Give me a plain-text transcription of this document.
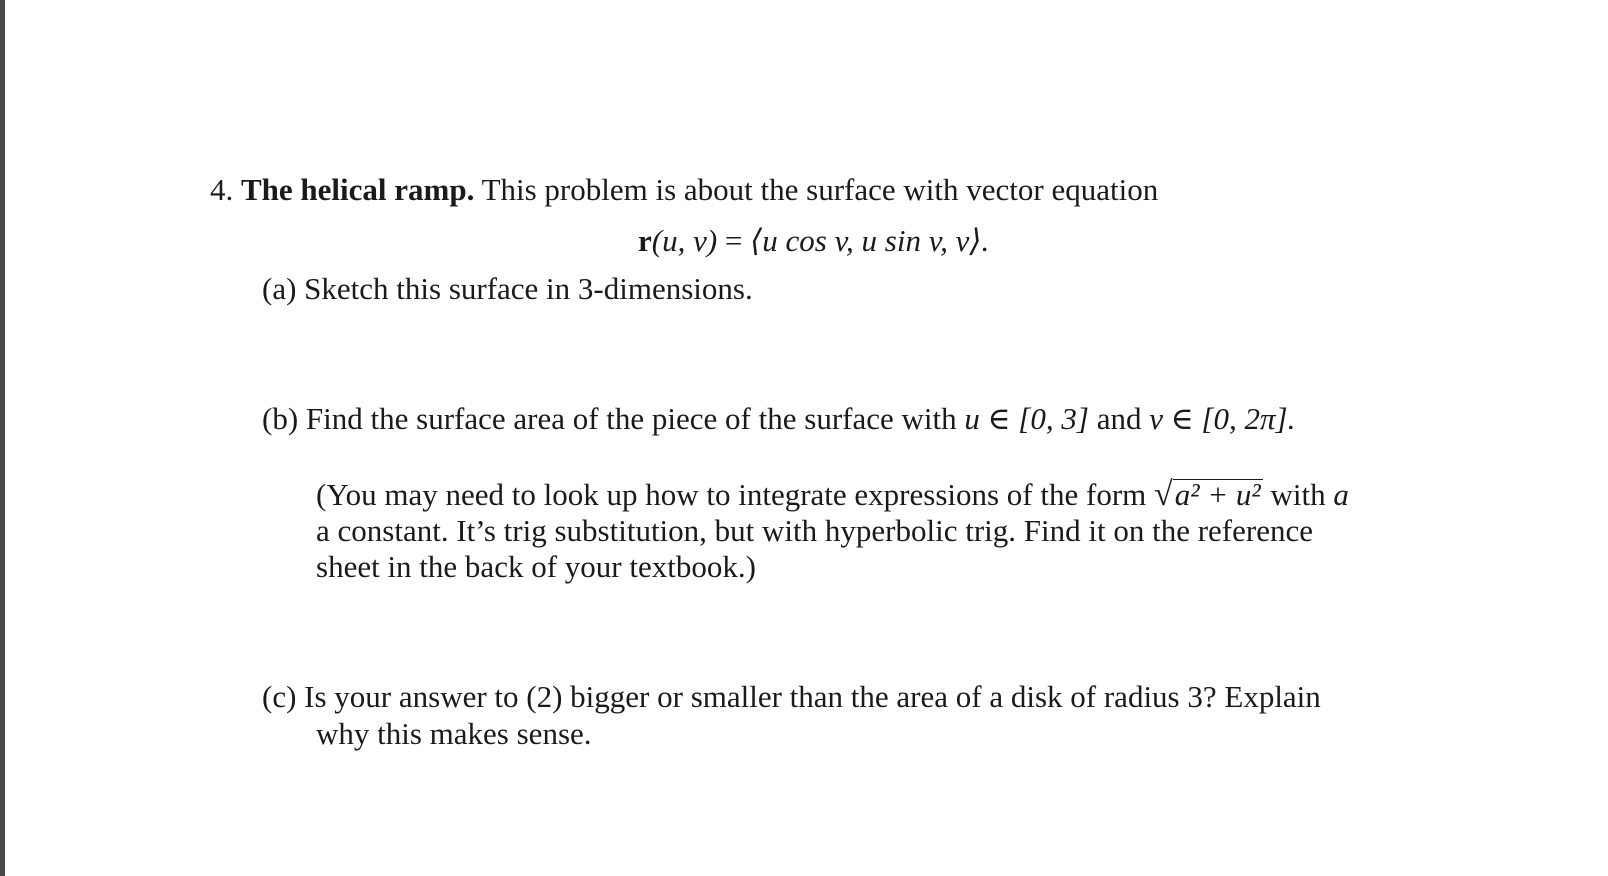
4. The helical ramp. This problem is about the surface with vector equation
r(u, v) = ⟨u cos v, u sin v, v⟩.
(a) Sketch this surface in 3-dimensions.
(b) Find the surface area of the piece of the surface with u ∈ [0, 3] and v ∈ [0, 2π].
(You may need to look up how to integrate expressions of the form √a² + u² with a
a constant. It’s trig substitution, but with hyperbolic trig. Find it on the reference
sheet in the back of your textbook.)
(c) Is your answer to (2) bigger or smaller than the area of a disk of radius 3? Explain
why this makes sense.
